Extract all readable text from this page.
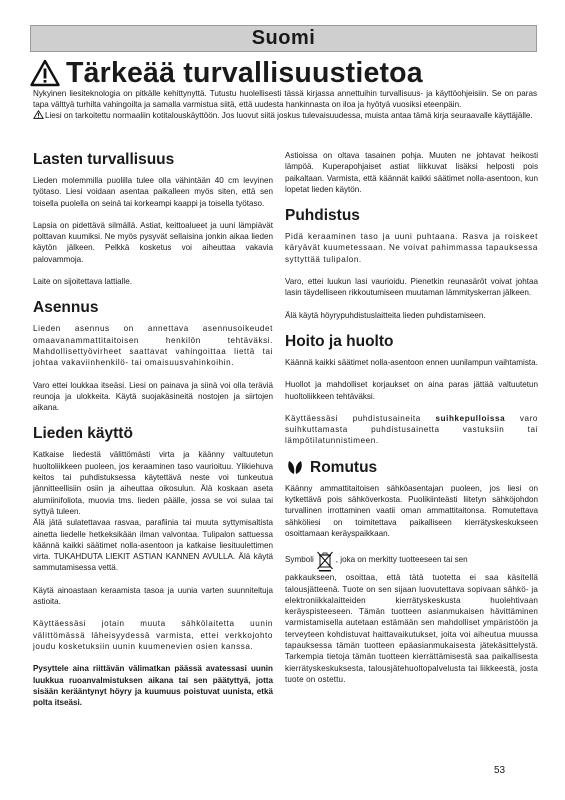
Suomi
Tärkeää turvallisuustietoa

Nykyinen liesiteknologia on pitkälle kehittynyttä. Tutustu huolellisesti tässä kirjassa annettuihin turvallisuus- ja käyttöohjeisiin. Se on paras tapa välttyä turhilta vahingoilta ja samalla varmistua siitä, että uudesta hankinnasta on iloa ja hyötyä vuosiksi eteenpäin.

Liesi on tarkoitettu normaaliin kotitalouskäyttöön. Jos luovut siitä joskus tulevaisuudessa, muista antaa tämä kirja seuraavalle käyttäjälle.

Lasten turvallisuus

Lieden molemmilla puolilla tulee olla vähintään 40 cm levyinen työtaso. Liesi voidaan asentaa paikalleen myös siten, että sen toisella puolella on seinä tai korkeampi kaappi ja toisella työtaso.

Lapsia on pidettävä silmällä. Astiat, keittoalueet ja uuni lämpiävät polttavan kuumiksi. Ne myös pysyvät sellaisina jonkin aikaa lieden käytön jälkeen. Pelkkä kosketus voi aiheuttaa vakavia palovammoja.

Laite on sijoitettava lattialle.

Asennus

Lieden asennus on annettava asennusoikeudet omaavanammattitaitoisen henkilön tehtäväksi. Mahdollisettyövirheet saattavat vahingoittaa liettä tai johtaa vakaviinhenkilö- tai omaisuusvahinkoihin.

Varo ettei loukkaa itseäsi. Liesi on painava ja siinä voi olla teräviä reunoja ja ulokkeita. Käytä suojakäsineitä nostojen ja siirtojen aikana.

Lieden käyttö

Katkaise liedestä välittömästi virta ja käänny valtuutetun huoltoliikkeen puoleen, jos keraaminen taso vaurioituu. Ylikiehuva keitos tai puhdistuksessa käytettävä neste voi tunkeutua jännitteellisiin osiin ja aiheuttaa oikosulun. Älä koskaan aseta alumiinifoliota, muovia tms. lieden päälle, jossa se voi sulaa tai syttyä tuleen.

Älä jätä sulatettavaa rasvaa, parafiinia tai muuta syttymisaltista ainetta liedelle hetkeksikään ilman valvontaa. Tulipalon sattuessa käännä kaikki säätimet nolla-asentoon ja katkaise liesituulettimen virta. TUKAHDUTA LIEKIT ASTIAN KANNEN AVULLA. Älä käytä sammutamisessa vettä.

Käytä ainoastaan keraamista tasoa ja uunia varten suunniteltuja astioita.

Käyttäessäsi jotain muuta sähkölaitetta uunin välittömässä läheisyydessä varmista, ettei verkkojohto joudu kosketuksiin uunin kuumenevien osien kanssa.

Pysyttele aina riittävän välimatkan päässä avatessasi uunin luukkua ruoanvalmistuksen aikana tai sen päätyttyä, jotta sisään kerääntynyt höyry ja kuumuus poistuvat uunista, etkä polta itseäsi.

Astioissa on oltava tasainen pohja. Muuten ne johtavat heikosti lämpöä. Kuperapohjaiset astiat liikkuvat lisäksi helposti pois paikaltaan. Varmista, että käännät kaikki säätimet nolla-asentoon, kun lopetat lieden käytön.

Puhdistus

Pidä keraaminen taso ja uuni puhtaana. Rasva ja roiskeet käryävät kuumetessaan. Ne voivat pahimmassa tapauksessa syttyttää tulipalon.

Varo, ettei luukun lasi vaurioidu. Pienetkin reunasäröt voivat johtaa lasin täydelliseen rikkoutumiseen muutaman lämmityskerran jälkeen.

Älä käytä höyrypuhdistuslaitteita lieden puhdistamiseen.

Hoito ja huolto

Käännä kaikki säätimet nolla-asentoon ennen uunilampun vaihtamista.

Huollot ja mahdolliset korjaukset on aina paras jättää valtuutetun huoltoliikkeen tehtäväksi.

Käyttäessäsi puhdistusaineita suihkepulloissa varo suihkuttamasta puhdistusainetta vastuksiin tai lämpötilatunnistimeen.

Romutus

Käänny ammattitaitoisen sähköasentajan puoleen, jos liesi on kytkettävä pois sähköverkosta. Puolikiinteästi liitetyn sähköjohdon turvallinen irrottaminen vaatii oman ammattitaitonsa. Romutettava sähköliesi on toimitettava paikalliseen kierrätyskeskukseen osoittamaan keräyspaikkaan.

Symboli	, joka on merkitty tuotteeseen tai sen

pakkaukseen, osoittaa, että tätä tuotetta ei saa käsitellä talousjätteenä. Tuote on sen sijaan luovutettava sopivaan sähkö- ja elektroniikkalaitteiden kierrätyskeskusta huolehtivaan keräyspisteeseen. Tämän tuotteen asianmukaisen hävittäminen varmistamisella autetaan estämään sen mahdolliset ympäristöön ja terveyteen kohdistuvat haittavaikutukset, joita voi aiheutua muussa tapauksessa tämän tuotteen epäasianmukaisesta jätekäsittelystä. Tarkempia tietoja tämän tuotteen kierrättämisestä saa paikallisesta kierrätyskeskuksesta, talousjätehuoltopalvelusta tai liikkeestä, josta tuote on ostettu.

53
